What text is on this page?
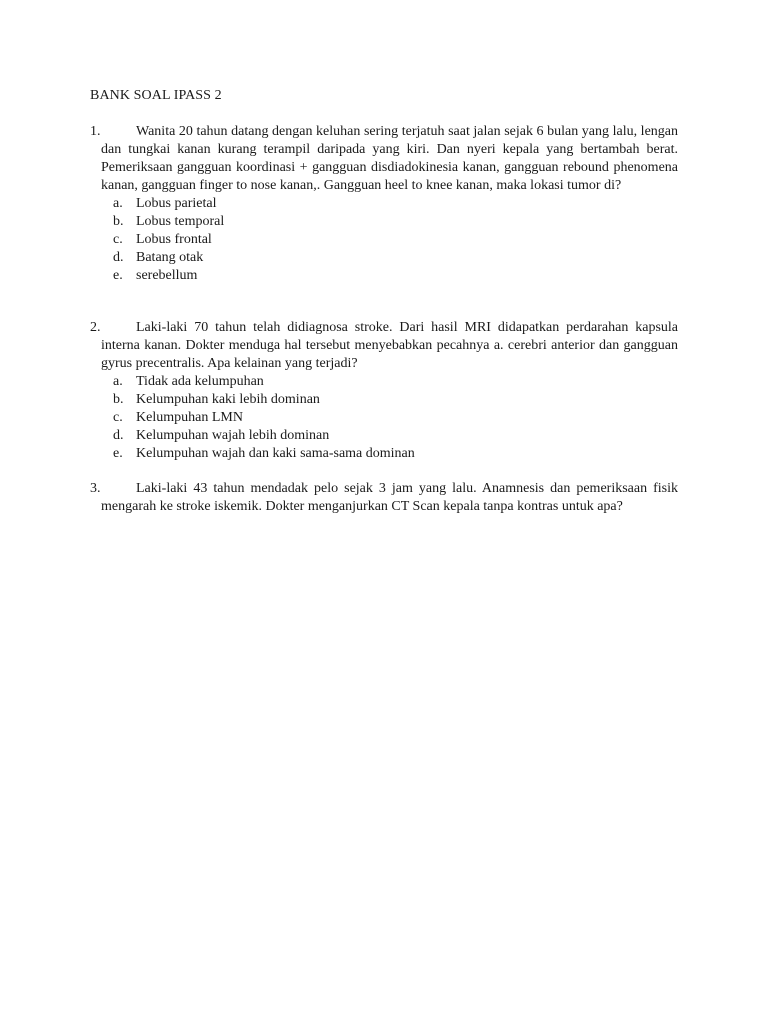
BANK SOAL IPASS 2
1.	Wanita 20 tahun datang dengan keluhan sering terjatuh saat jalan sejak 6 bulan yang lalu, lengan dan tungkai kanan kurang terampil daripada yang kiri. Dan nyeri kepala yang bertambah berat. Pemeriksaan gangguan koordinasi + gangguan disdiadokinesia kanan, gangguan rebound phenomena kanan, gangguan finger to nose kanan,. Gangguan heel to knee kanan, maka lokasi tumor di?
a. Lobus parietal
b. Lobus temporal
c. Lobus frontal
d. Batang otak
e. serebellum
2.	Laki-laki 70 tahun telah didiagnosa stroke. Dari hasil MRI didapatkan perdarahan kapsula interna kanan. Dokter menduga hal tersebut menyebabkan pecahnya a. cerebri anterior dan gangguan gyrus precentralis. Apa kelainan yang terjadi?
a. Tidak ada kelumpuhan
b. Kelumpuhan kaki lebih dominan
c. Kelumpuhan LMN
d. Kelumpuhan wajah lebih dominan
e. Kelumpuhan wajah dan kaki sama-sama dominan
3.	Laki-laki 43 tahun mendadak pelo sejak 3 jam yang lalu. Anamnesis dan pemeriksaan fisik mengarah ke stroke iskemik. Dokter menganjurkan CT Scan kepala tanpa kontras untuk apa?
